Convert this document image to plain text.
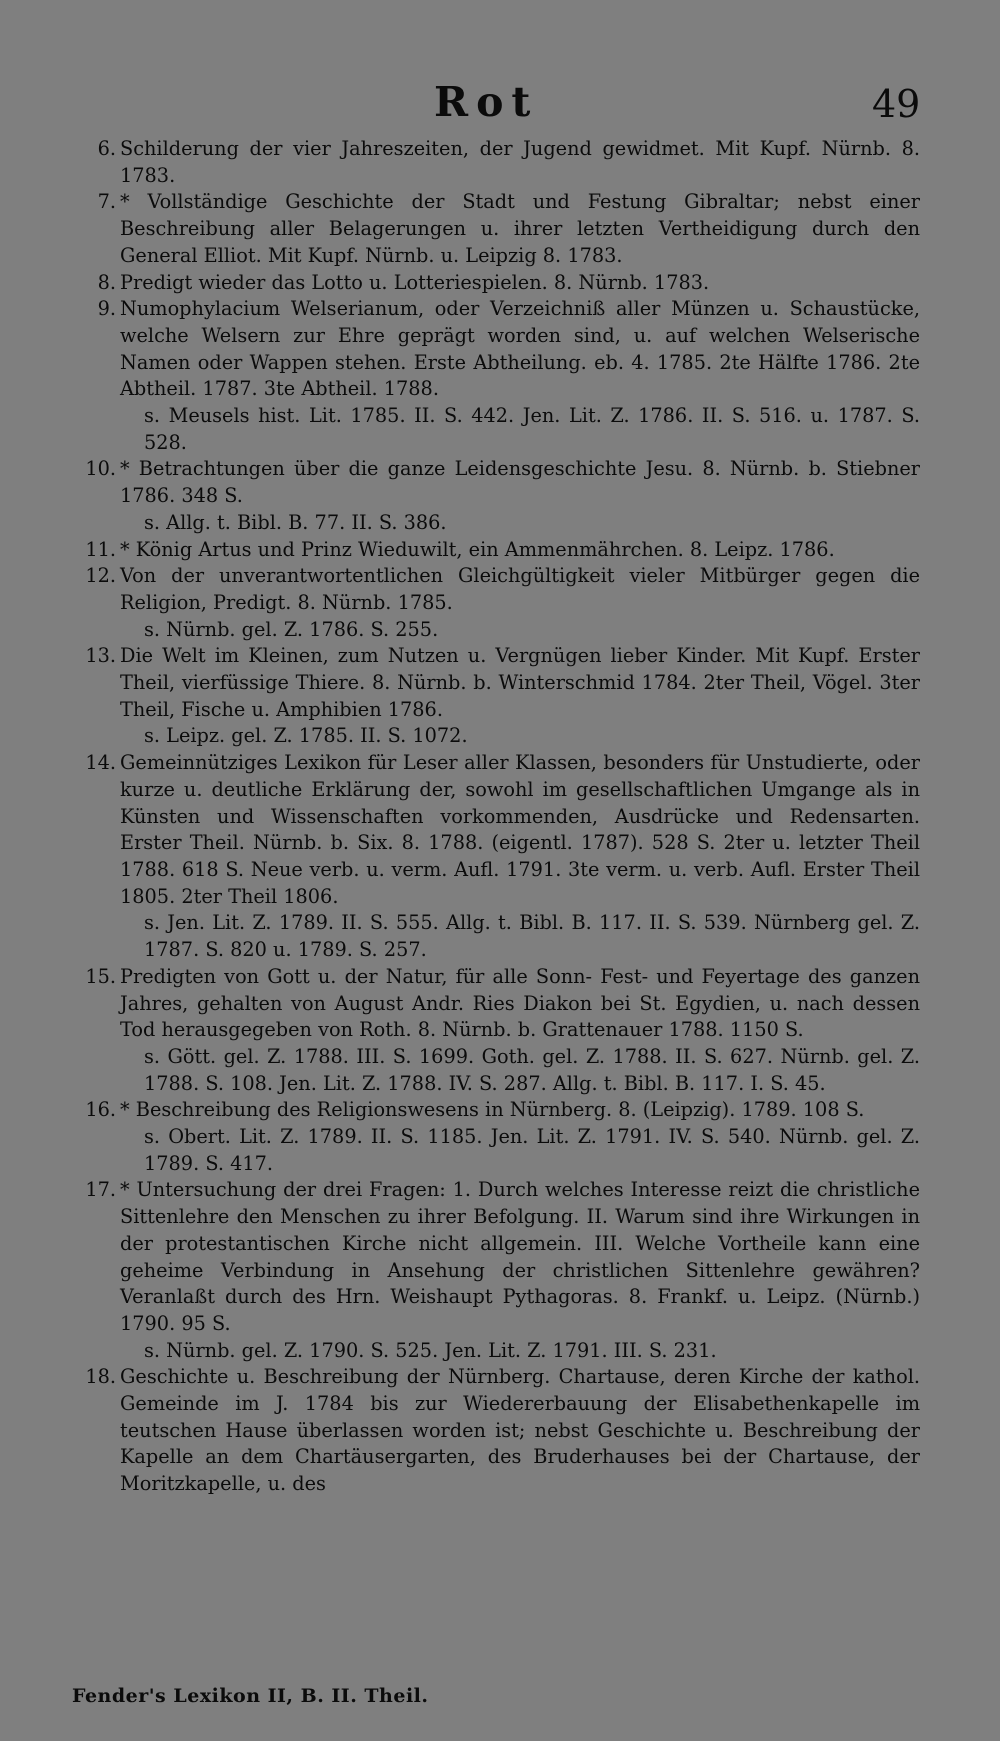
Rot	49
6. Schilderung der vier Jahreszeiten, der Jugend gewidmet. Mit Kupf. Nürnb. 8. 1783.
7. * Vollständige Geschichte der Stadt und Festung Gibraltar; nebst einer Beschreibung aller Belagerungen u. ihrer letzten Vertheidigung durch den General Elliot. Mit Kupf. Nürnb. u. Leipzig 8. 1783.
8. Predigt wieder das Lotto u. Lotteriespielen. 8. Nürnb. 1783.
9. Numophylacium Welserianum, oder Verzeichniß aller Münzen u. Schaustücke, welche Welsern zur Ehre geprägt worden sind, u. auf welchen Welserische Namen oder Wappen stehen. Erste Abtheilung. eb. 4. 1785. 2te Hälfte 1786. 2te Abtheil. 1787. 3te Abtheil. 1788.
s. Meusels hist. Lit. 1785. II. S. 442. Jen. Lit. Z. 1786. II. S. 516. u. 1787. S. 528.
10. * Betrachtungen über die ganze Leidensgeschichte Jesu. 8. Nürnb. b. Stiebner 1786. 348 S.
s. Allg. t. Bibl. B. 77. II. S. 386.
11. * König Artus und Prinz Wieduwilt, ein Ammenmährchen. 8. Leipz. 1786.
12. Von der unverantwortentlichen Gleichgültigkeit vieler Mitbürger gegen die Religion, Predigt. 8. Nürnb. 1785.
s. Nürnb. gel. Z. 1786. S. 255.
13. Die Welt im Kleinen, zum Nutzen u. Vergnügen lieber Kinder. Mit Kupf. Erster Theil, vierfüssige Thiere. 8. Nürnb. b. Winterschmid 1784. 2ter Theil, Vögel. 3ter Theil, Fische u. Amphibien 1786.
s. Leipz. gel. Z. 1785. II. S. 1072.
14. Gemeinnütziges Lexikon für Leser aller Klassen, besonders für Unstudierte, oder kurze u. deutliche Erklärung der, sowohl im gesellschaftlichen Umgange als in Künsten und Wissenschaften vorkommenden, Ausdrücke und Redensarten. Erster Theil. Nürnb. b. Six. 8. 1788. (eigentl. 1787). 528 S. 2ter u. letzter Theil 1788. 618 S. Neue verb. u. verm. Aufl. 1791. 3te verm. u. verb. Aufl. Erster Theil 1805. 2ter Theil 1806.
s. Jen. Lit. Z. 1789. II. S. 555. Allg. t. Bibl. B. 117. II. S. 539. Nürnberg gel. Z. 1787. S. 820 u. 1789. S. 257.
15. Predigten von Gott u. der Natur, für alle Sonn- Fest- und Feyertage des ganzen Jahres, gehalten von August Andr. Ries Diakon bei St. Egydien, u. nach dessen Tod herausgegeben von Roth. 8. Nürnb. b. Grattenauer 1788. 1150 S.
s. Gött. gel. Z. 1788. III. S. 1699. Goth. gel. Z. 1788. II. S. 627. Nürnb. gel. Z. 1788. S. 108. Jen. Lit. Z. 1788. IV. S. 287. Allg. t. Bibl. B. 117. I. S. 45.
16. * Beschreibung des Religionswesens in Nürnberg. 8. (Leipzig). 1789. 108 S.
s. Obert. Lit. Z. 1789. II. S. 1185. Jen. Lit. Z. 1791. IV. S. 540. Nürnb. gel. Z. 1789. S. 417.
17. * Untersuchung der drei Fragen: 1. Durch welches Interesse reizt die christliche Sittenlehre den Menschen zu ihrer Befolgung. II. Warum sind ihre Wirkungen in der protestantischen Kirche nicht allgemein. III. Welche Vortheile kann eine geheime Verbindung in Ansehung der christlichen Sittenlehre gewähren? Veranlaßt durch des Hrn. Weishaupt Pythagoras. 8. Frankf. u. Leipz. (Nürnb.) 1790. 95 S.
s. Nürnb. gel. Z. 1790. S. 525. Jen. Lit. Z. 1791. III. S. 231.
18. Geschichte u. Beschreibung der Nürnberg. Chartause, deren Kirche der kathol. Gemeinde im J. 1784 bis zur Wiedererbauung der Elisabethenkapelle im teutschen Hause überlassen worden ist; nebst Geschichte u. Beschreibung der Kapelle an dem Chartäusergarten, des Bruderhauses bei der Chartause, der Moritzkapelle, u. des
Fender's Lexikon II, B. II. Theil.
